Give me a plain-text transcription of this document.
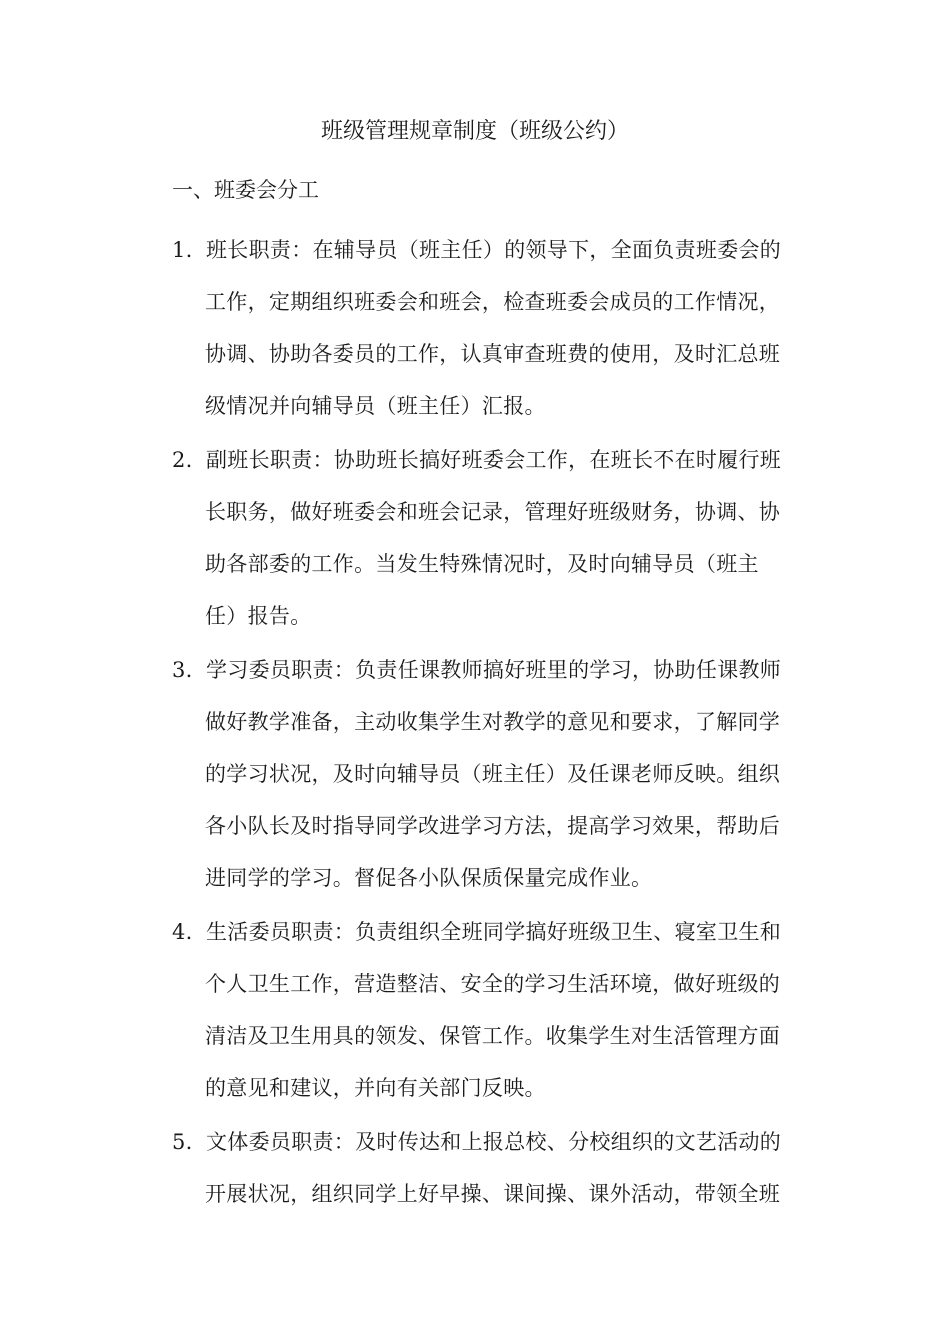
班级管理规章制度（班级公约）
一、班委会分工
1. 班长职责：在辅导员（班主任）的领导下，全面负责班委会的
工作，定期组织班委会和班会，检查班委会成员的工作情况，
协调、协助各委员的工作，认真审查班费的使用，及时汇总班
级情况并向辅导员（班主任）汇报。
2. 副班长职责：协助班长搞好班委会工作，在班长不在时履行班
长职务，做好班委会和班会记录，管理好班级财务，协调、协
助各部委的工作。当发生特殊情况时，及时向辅导员（班主
任）报告。
3. 学习委员职责：负责任课教师搞好班里的学习，协助任课教师
做好教学准备，主动收集学生对教学的意见和要求，了解同学
的学习状况，及时向辅导员（班主任）及任课老师反映。组织
各小队长及时指导同学改进学习方法，提高学习效果，帮助后
进同学的学习。督促各小队保质保量完成作业。
4. 生活委员职责：负责组织全班同学搞好班级卫生、寝室卫生和
个人卫生工作，营造整洁、安全的学习生活环境，做好班级的
清洁及卫生用具的领发、保管工作。收集学生对生活管理方面
的意见和建议，并向有关部门反映。
5. 文体委员职责：及时传达和上报总校、分校组织的文艺活动的
开展状况，组织同学上好早操、课间操、课外活动，带领全班
